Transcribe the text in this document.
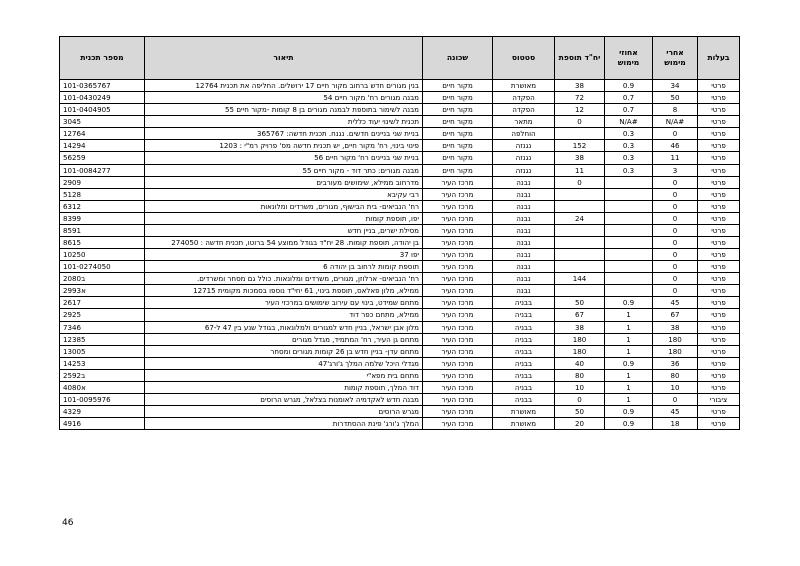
בעלות	אחרי מימוש	אחוזי מימוש	יח"ד תוספת	סטטוס	שכונה	תיאור	מספר תכנית
פרטי	34	0.9	38	מאושרת	מקור חיים	בנין מגורים חדש ברחוב מקור חיים 17 ירושלים. החליפה את תכנית 12764	101-0365767
פרטי	50	0.7	72	הפקדה	מקור חיים	מבנה מגורים רח' מקור חיים 54	101-0430249
פרטי	8	0.7	12	הפקדה	מקור חיים	מבנה לשימור בתוספת לבמנה מגורים בן 8 קומות -מקור חיים 55	101-0404905
פרטי	#N/A	#N/A	0	מתאר	מקור חיים	תכנית לשינוי יעוד כללית	3045
פרטי	0	0.3		הוחלפה	מקור חיים	בניית שני בניינים חדשים. נגנח. תכנית חדשה: 365767	12764
פרטי	46	0.3	152	נגנזה	מקור חיים	פינוי בינוי, רח' מקור חיים, יש תכנית חדשה מס' פרויק רמ"י : 1203	14294
פרטי	11	0.3	38	נגנזה	מקור חיים	בניית שני בניינים רח' מקור חיים 56	56259
פרטי	3	0.3	11	נגנזה	מקור חיים	מבנה מגורים: כתר דוד - מקור חיים 55	101-0084277
פרטי	0		0	נבנה	מרכז העיר	מדרחוב ממילא, שימושים מעורבים	2909
פרטי	0			נבנה	מרכז העיר	רבי עקיבא	5128
פרטי	0			נבנה	מרכז העיר	רח' הנביאים- בית הבישוף, מגורים, משרדים ומלונאות	6312
פרטי	0		24	נבנה	מרכז העיר	יפו, תוספת קומות	8399
פרטי	0			נבנה	מרכז העיר	מסילת ישרים, בניין חדש	8591
פרטי	0			נבנה	מרכז העיר	בן יהודה, תוספת קומות. 28 יח"ד בגודל ממוצע 54 ברוטו, תכנית חדשה : 274050	8615
פרטי	0			נבנה	מרכז העיר	יפו 37	10250
פרטי	0			נבנה	מרכז העיר	תוספת קומות לרחוב בן יהודה 6	101-0274050
פרטי	0		144	נבנה	מרכז העיר	רח' הנביאים- ארלוזן, מגורים, משרדים ומלונאות. כולל גם מסחר ומשרדים.	ב2080
פרטי	0			נבנה	מרכז העיר	ממילא, מלון פאלאס, תוספת בינוי, 61 יחי"ד נוספו בסמכות מקומית 12715	א2993
פרטי	45	0.9	50	בבניה	מרכז העיר	מתחם שמידט, בינוי עם עירוב שימושים במרכזי העיר	2617
פרטי	67	1	67	בבניה	מרכז העיר	ממילא, מתחם כפר דוד	2925
פרטי	38	1	38	בבניה	מרכז העיר	מלון אבן ישראל, בניין חדש למגורים ולמלונאות, בגודל שנע בין 47 ל-67	7346
פרטי	180	1	180	בבניה	מרכז העיר	מתחם גן העיר, רח' המתמיד, מגדל מגורים	12385
פרטי	180	1	180	בבניה	מרכז העיר	מתחם עדן- בניין חדש בן 26 קומות מגורים ומסחר	13005
פרטי	36	0.9	40	בבניה	מרכז העיר	מגדלי היכל שלמה המלך ג'ורג'47	14253
פרטי	80	1	80	בבניה	מרכז העיר	מתחם בית מפא"י	ב2592
פרטי	10	1	10	בבניה	מרכז העיר	דוד המלך, תוספת קומות	א4080
ציבורי	0	1	0	בבניה	מרכז העיר	מבנה חדש לאקדמיה לאומנות בצלאל, מגרש הרוסים	101-0095976
פרטי	45	0.9	50	מאושרת	מרכז העיר	מגרש הרוסים	4329
פרטי	18	0.9	20	מאושרת	מרכז העיר	המלך ג'ורג' פינת ההסתדרות	4916
46
